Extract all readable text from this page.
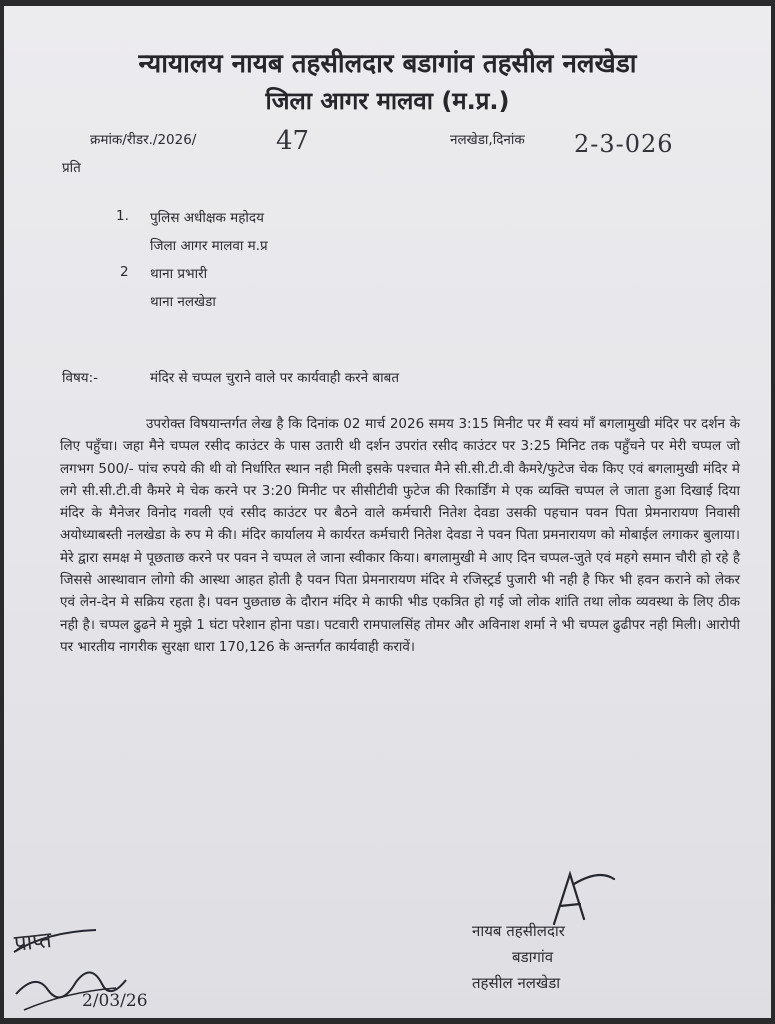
न्यायालय नायब तहसीलदार बडागांव तहसील नलखेडा
जिला आगर मालवा (म.प्र.)
क्रमांक/रीडर./2026/	47	नलखेडा,दिनांक 2-3-026
प्रति
1. पुलिस अधीक्षक महोदय
जिला आगर मालवा म.प्र
2 थाना प्रभारी
थाना नलखेडा
विषय:-	मंदिर से चप्पल चुराने वाले पर कार्यवाही करने बाबत

उपरोक्त विषयान्तर्गत लेख है कि दिनांक 02 मार्च 2026 समय 3:15 मिनीट पर मैं स्वयं माँ बगलामुखी मंदिर पर दर्शन के लिए पहुँचा। जहा मैने चप्पल रसीद काउंटर के पास उतारी थी दर्शन उपरांत रसीद काउंटर पर 3:25 मिनिट तक पहुँचने पर मेरी चप्पल जो लगभग 500/- पांच रुपये की थी वो निर्धारित स्थान नही मिली इसके पश्चात मैने सी.सी.टी.वी कैमरे/फुटेज चेक किए एवं बगलामुखी मंदिर मे लगे सी.सी.टी.वी कैमरे मे चेक करने पर 3:20 मिनीट पर सीसीटीवी फुटेज की रिकार्डिंग मे एक व्यक्ति चप्पल ले जाता हुआ दिखाई दिया मंदिर के मैनेजर विनोद गवली एवं रसीद काउंटर पर बैठने वाले कर्मचारी नितेश देवडा उसकी पहचान पवन पिता प्रेमनारायण निवासी अयोध्याबस्ती नलखेडा के रुप मे की। मंदिर कार्यालय मे कार्यरत कर्मचारी नितेश देवडा ने पवन पिता प्रमनारायण को मोबाईल लगाकर बुलाया। मेरे द्वारा समक्ष मे पूछताछ करने पर पवन ने चप्पल ले जाना स्वीकार किया। बगलामुखी मे आए दिन चप्पल-जुते एवं महगे समान चौरी हो रहे है जिससे आस्थावान लोगो की आस्था आहत होती है पवन पिता प्रेमनारायण मंदिर मे रजिस्ट्रर्ड पुजारी भी नही है फिर भी हवन कराने को लेकर एवं लेन-देन मे सक्रिय रहता है। पवन पुछताछ के दौरान मंदिर मे काफी भीड एकत्रित हो गई जो लोक शांति तथा लोक व्यवस्था के लिए ठीक नही है। चप्पल ढुढने मे मुझे 1 घंटा परेशान होना पडा। पटवारी रामपालसिंह तोमर और अविनाश शर्मा ने भी चप्पल ढुढीपर नही मिली। आरोपी पर भारतीय नागरीक सुरक्षा धारा 170,126 के अन्तर्गत कार्यवाही करावें।

नायब तहसीलदार
बडागांव
तहसील नलखेडा
प्राप्त
2/03/26
